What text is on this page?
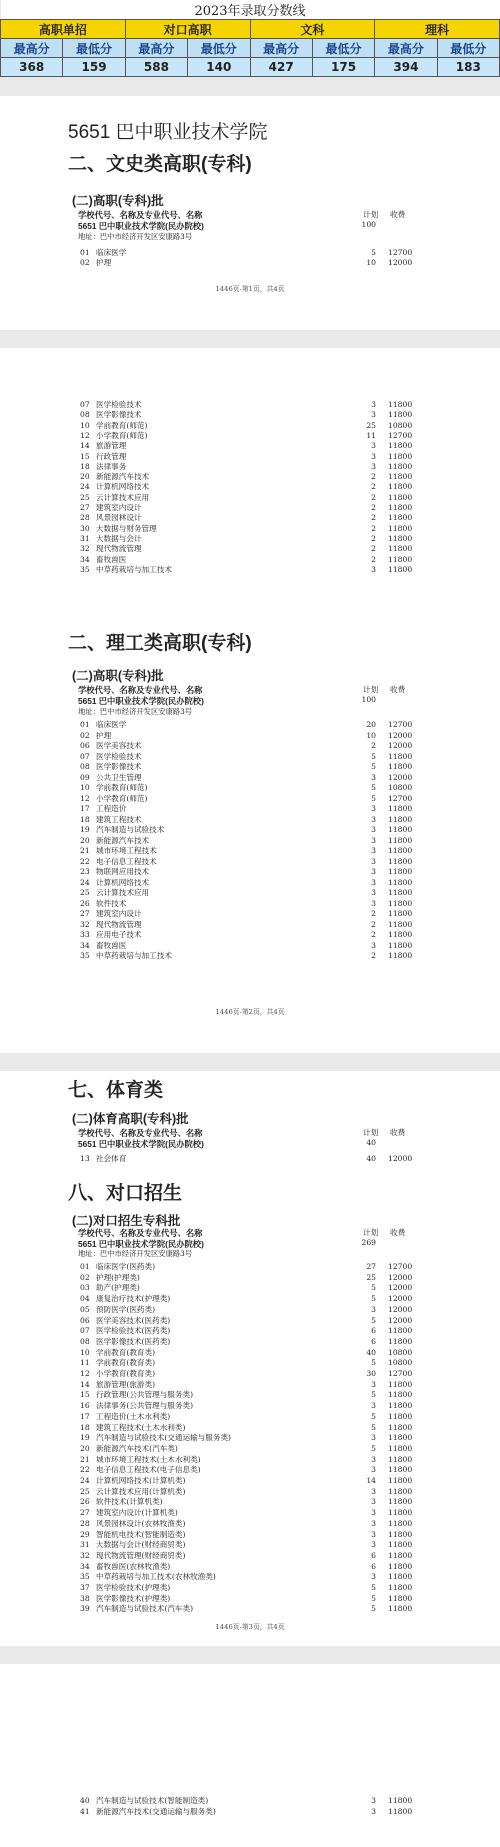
2023年录取分数线							
高职单招		对口高职		文科		理科	
最高分	最低分	最高分	最低分	最高分	最低分	最高分	最低分
368	159	588	140	427	175	394	183
5651 巴中职业技术学院
二、文史类高职(专科)
(二)高职(专科)批
学校代号、名称及专业代号、名称	计划 收费
5651 巴中职业技术学院(民办院校)	100
地址：巴中市经济开发区安康路3号
01 临床医学	5 12700
02 护理	10 12000
1446页-第1页，共4页
07 医学检验技术	3 11800
08 医学影像技术	3 11800
10 学前教育(师范)	25 10800
12 小学教育(师范)	11 12700
14 旅游管理	3 11800
15 行政管理	3 11800
18 法律事务	3 11800
20 新能源汽车技术	2 11800
24 计算机网络技术	2 11800
25 云计算技术应用	2 11800
27 建筑室内设计	2 11800
28 风景园林设计	2 11800
30 大数据与财务管理	2 11800
31 大数据与会计	2 11800
32 现代物流管理	2 11800
34 畜牧兽医	2 11800
35 中草药栽培与加工技术	3 11800
二、理工类高职(专科)
(二)高职(专科)批
学校代号、名称及专业代号、名称	计划 收费
5651 巴中职业技术学院(民办院校)	100
地址：巴中市经济开发区安康路3号
01 临床医学	20 12700
02 护理	10 12000
06 医学美容技术	2 12000
07 医学检验技术	5 11800
08 医学影像技术	5 11800
09 公共卫生管理	3 12000
10 学前教育(师范)	5 10800
12 小学教育(师范)	5 12700
17 工程造价	3 11800
18 建筑工程技术	3 11800
19 汽车制造与试验技术	3 11800
20 新能源汽车技术	3 11800
21 城市环境工程技术	3 11800
22 电子信息工程技术	3 11800
23 物联网应用技术	3 11800
24 计算机网络技术	3 11800
25 云计算技术应用	3 11800
26 软件技术	3 11800
27 建筑室内设计	2 11800
32 现代物流管理	2 11800
33 应用电子技术	2 11800
34 畜牧兽医	3 11800
35 中草药栽培与加工技术	2 11800
1446页-第2页，共4页
七、体育类
(二)体育高职(专科)批
学校代号、名称及专业代号、名称	计划 收费
5651 巴中职业技术学院(民办院校)	40
13 社会体育	40 12000
八、对口招生
(二)对口招生专科批
学校代号、名称及专业代号、名称	计划 收费
5651 巴中职业技术学院(民办院校)	269
地址：巴中市经济开发区安康路3号
01 临床医学(医药类)	27 12700
02 护理(护理类)	25 12000
03 助产(护理类)	5 12000
04 康复治疗技术(护理类)	5 12000
05 预防医学(医药类)	3 12000
06 医学美容技术(医药类)	5 12000
07 医学检验技术(医药类)	6 11800
08 医学影像技术(医药类)	6 11800
10 学前教育(教育类)	40 10800
11 学前教育(教育类)	5 10800
12 小学教育(教育类)	30 12700
14 旅游管理(旅游类)	3 11800
15 行政管理(公共管理与服务类)	5 11800
16 法律事务(公共管理与服务类)	3 11800
17 工程造价(土木水利类)	5 11800
18 建筑工程技术(土木水利类)	5 11800
19 汽车制造与试验技术(交通运输与服务类)	3 11800
20 新能源汽车技术(汽车类)	5 11800
21 城市环境工程技术(土木水利类)	3 11800
22 电子信息工程技术(电子信息类)	3 11800
24 计算机网络技术(计算机类)	14 11800
25 云计算技术应用(计算机类)	3 11800
26 软件技术(计算机类)	3 11800
27 建筑室内设计(计算机类)	3 11800
28 风景园林设计(农林牧渔类)	3 11800
29 智能机电技术(智能制造类)	3 11800
31 大数据与会计(财经商贸类)	3 11800
32 现代物流管理(财经商贸类)	6 11800
34 畜牧兽医(农林牧渔类)	6 11800
35 中草药栽培与加工技术(农林牧渔类)	3 11800
37 医学检验技术(护理类)	5 11800
38 医学影像技术(护理类)	5 11800
39 汽车制造与试验技术(汽车类)	5 11800
1446页-第3页，共4页
40 汽车制造与试验技术(智能制造类)	3 11800
41 新能源汽车技术(交通运输与服务类)	3 11800
